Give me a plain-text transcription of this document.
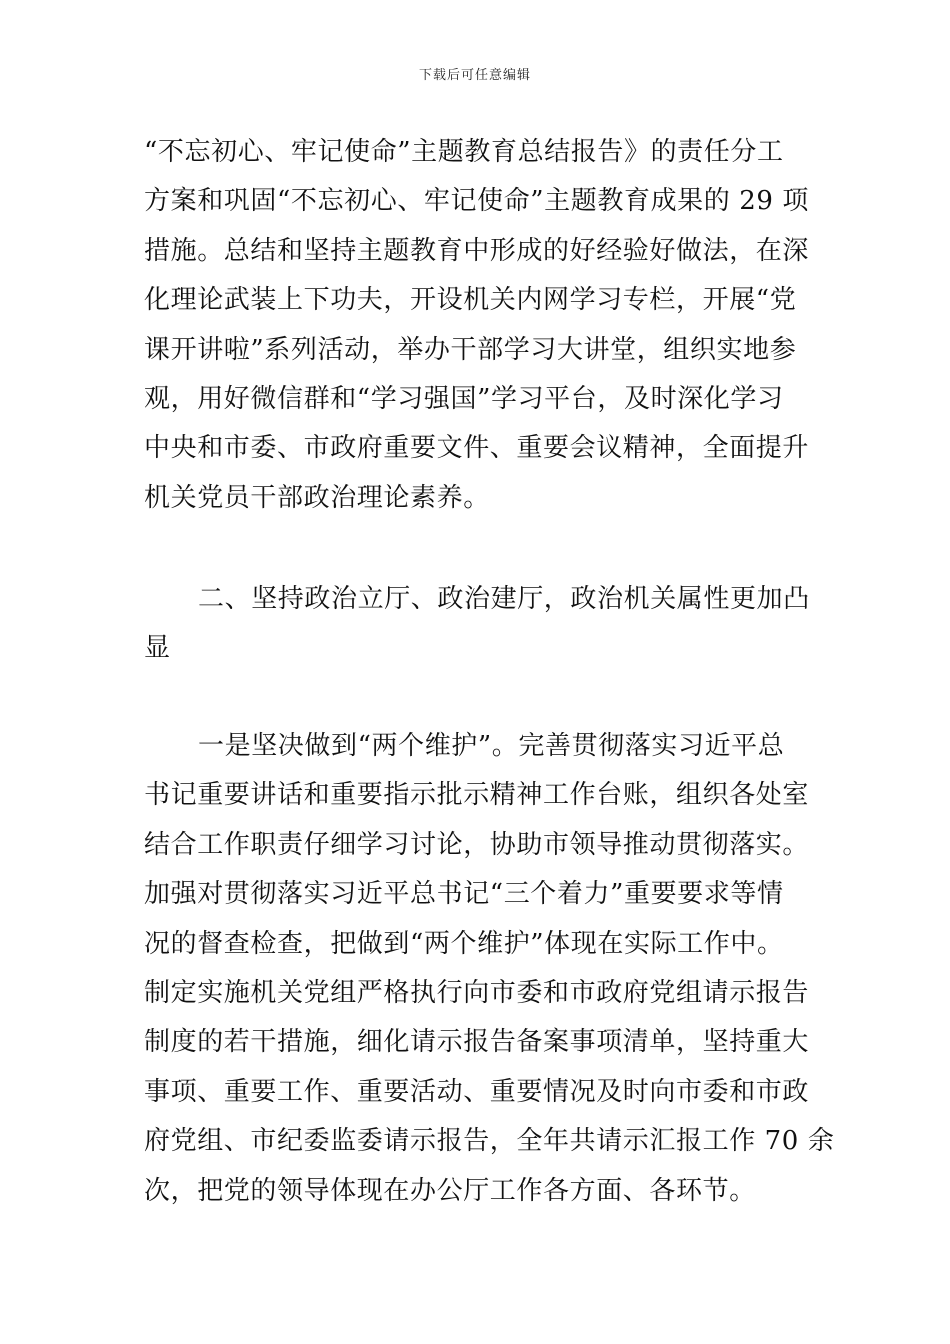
下载后可任意编辑
“不忘初心、牢记使命”主题教育总结报告》的责任分工
方案和巩固“不忘初心、牢记使命”主题教育成果的 29 项
措施。总结和坚持主题教育中形成的好经验好做法，在深
化理论武装上下功夫，开设机关内网学习专栏，开展“党
课开讲啦”系列活动，举办干部学习大讲堂，组织实地参
观，用好微信群和“学习强国”学习平台，及时深化学习
中央和市委、市政府重要文件、重要会议精神，全面提升
机关党员干部政治理论素养。
二、坚持政治立厅、政治建厅，政治机关属性更加凸
显
一是坚决做到“两个维护”。完善贯彻落实习近平总
书记重要讲话和重要指示批示精神工作台账，组织各处室
结合工作职责仔细学习讨论，协助市领导推动贯彻落实。
加强对贯彻落实习近平总书记“三个着力”重要要求等情
况的督查检查，把做到“两个维护”体现在实际工作中。
制定实施机关党组严格执行向市委和市政府党组请示报告
制度的若干措施，细化请示报告备案事项清单，坚持重大
事项、重要工作、重要活动、重要情况及时向市委和市政
府党组、市纪委监委请示报告，全年共请示汇报工作 70 余
次，把党的领导体现在办公厅工作各方面、各环节。
